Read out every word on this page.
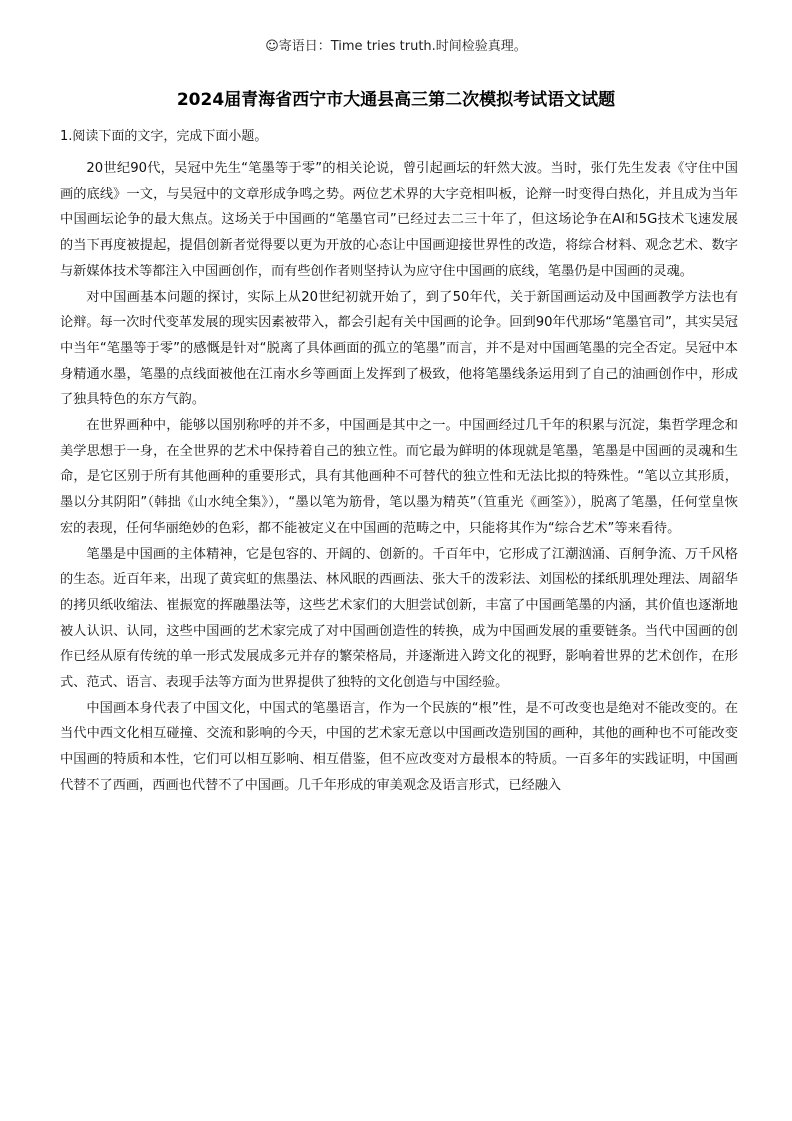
☺寄语日：Time tries truth.时间检验真理。
2024届青海省西宁市大通县高三第二次模拟考试语文试题
1.阅读下面的文字，完成下面小题。

20世纪90代，吴冠中先生“笔墨等于零”的相关论说，曾引起画坛的轩然大波。当时，张仃先生发表《守住中国画的底线》一文，与吴冠中的文章形成争鸣之势。两位艺术界的大字竞相叫板，论辩一时变得白热化，并且成为当年中国画坛论争的最大焦点。这场关于中国画的“笔墨官司”已经过去二三十年了，但这场论争在AI和5G技术飞速发展的当下再度被提起，提倡创新者觉得要以更为开放的心态让中国画迎接世界性的改造，将综合材料、观念艺术、数字与新媒体技术等都注入中国画创作，而有些创作者则坚持认为应守住中国画的底线，笔墨仍是中国画的灵魂。

对中国画基本问题的探讨，实际上从20世纪初就开始了，到了50年代，关于新国画运动及中国画教学方法也有论辩。每一次时代变革发展的现实因素被带入，都会引起有关中国画的论争。回到90年代那场“笔墨官司”，其实吴冠中当年“笔墨等于零”的感慨是针对“脱离了具体画面的孤立的笔墨”而言，并不是对中国画笔墨的完全否定。吴冠中本身精通水墨，笔墨的点线面被他在江南水乡等画面上发挥到了极致，他将笔墨线条运用到了自己的油画创作中，形成了独具特色的东方气韵。

在世界画种中，能够以国别称呼的并不多，中国画是其中之一。中国画经过几千年的积累与沉淀，集哲学理念和美学思想于一身，在全世界的艺术中保持着自己的独立性。而它最为鲜明的体现就是笔墨，笔墨是中国画的灵魂和生命，是它区别于所有其他画种的重要形式，具有其他画种不可替代的独立性和无法比拟的特殊性。“笔以立其形质，墨以分其阴阳”（韩拙《山水纯全集》），“墨以笔为筋骨，笔以墨为精英”（笪重光《画筌》），脱离了笔墨，任何堂皇恢宏的表现，任何华丽绝妙的色彩，都不能被定义在中国画的范畴之中，只能将其作为“综合艺术”等来看待。

笔墨是中国画的主体精神，它是包容的、开阔的、创新的。千百年中，它形成了江潮汹涌、百舸争流、万千风格的生态。近百年来，出现了黄宾虹的焦墨法、林风眠的西画法、张大千的泼彩法、刘国松的揉纸肌理处理法、周韶华的拷贝纸收缩法、崔振宽的挥融墨法等，这些艺术家们的大胆尝试创新，丰富了中国画笔墨的内涵，其价值也逐渐地被人认识、认同，这些中国画的艺术家完成了对中国画创造性的转换，成为中国画发展的重要链条。当代中国画的创作已经从原有传统的单一形式发展成多元并存的繁荣格局，并逐渐进入跨文化的视野，影响着世界的艺术创作，在形式、范式、语言、表现手法等方面为世界提供了独特的文化创造与中国经验。

中国画本身代表了中国文化，中国式的笔墨语言，作为一个民族的“根”性，是不可改变也是绝对不能改变的。在当代中西文化相互碰撞、交流和影响的今天，中国的艺术家无意以中国画改造别国的画种，其他的画种也不可能改变中国画的特质和本性，它们可以相互影响、相互借鉴，但不应改变对方最根本的特质。一百多年的实践证明，中国画代替不了西画，西画也代替不了中国画。几千年形成的审美观念及语言形式，已经融入
